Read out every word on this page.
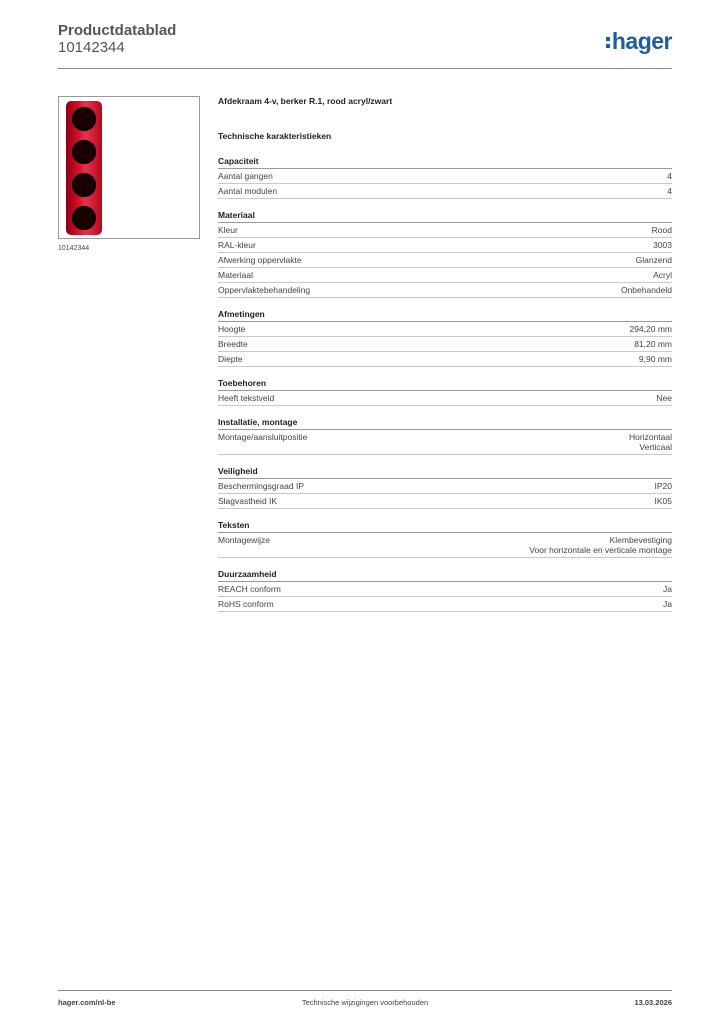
Productdatablad
10142344	hager
10142344
Afdekraam 4-v, berker R.1, rood acryl/zwart
Technische karakteristieken
Capaciteit
Aantal gangen	4
Aantal modulen	4
Materiaal
Kleur	Rood
RAL-kleur	3003
Afwerking oppervlakte	Glanzend
Materiaal	Acryl
Oppervlaktebehandeling	Onbehandeld
Afmetingen
Hoogte	294,20 mm
Breedte	81,20 mm
Diepte	9,90 mm
Toebehoren
Heeft tekstveld	Nee
Installatie, montage
Montage/aansluitpositie	Horizontaal
Verticaal
Veiligheid
Beschermingsgraad IP	IP20
Slagvastheid IK	IK05
Teksten
Montagewijze	Klembevestiging
Voor horizontale en verticale montage
Duurzaamheid
REACH conform	Ja
RoHS conform	Ja
hager.com/nl-be	Technische wijzigingen voorbehouden	13.03.2026
